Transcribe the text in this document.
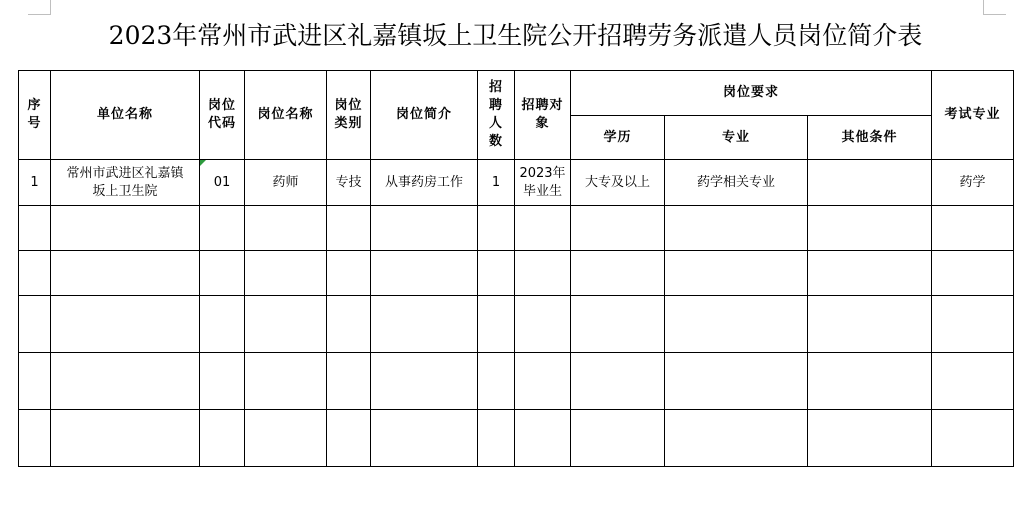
2023年常州市武进区礼嘉镇坂上卫生院公开招聘劳务派遣人员岗位简介表
序号	单位名称	岗位代码	岗位名称	岗位类别	岗位简介	招聘人数	招聘对象	岗位要求			考试专业
								学历	专业	其他条件	
1	常州市武进区礼嘉镇坂上卫生院	01	药师	专技	从事药房工作	1	2023年毕业生	大专及以上	药学相关专业		药学
